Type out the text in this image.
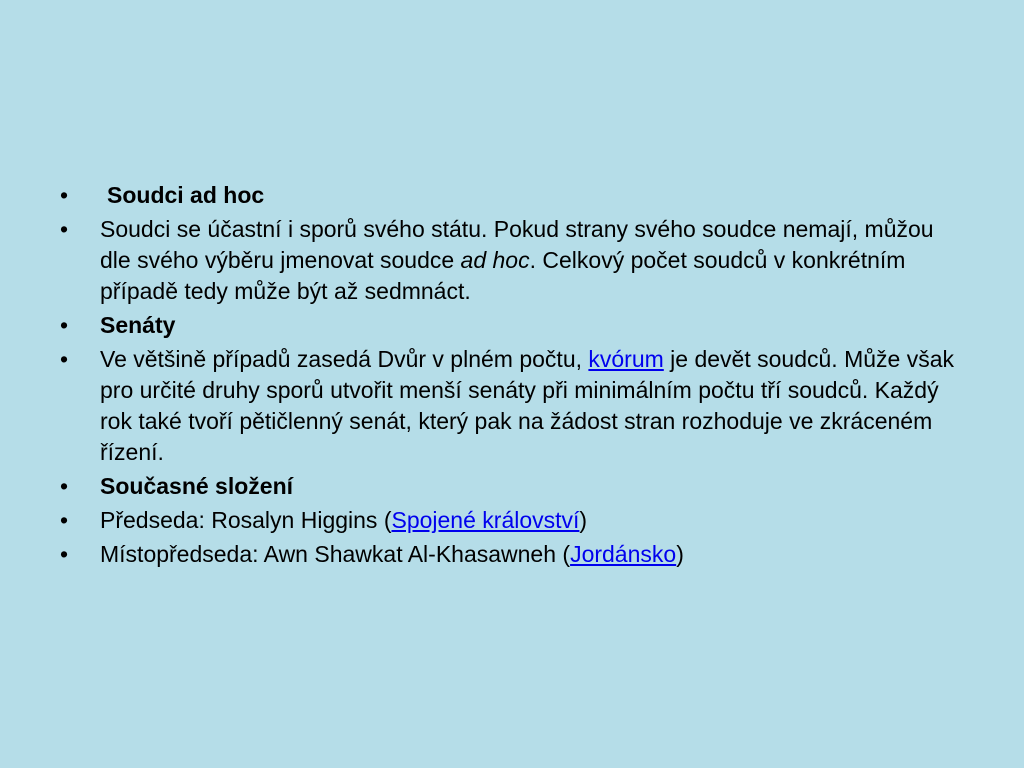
•	Soudci ad hoc
•	Soudci se účastní i sporů svého státu. Pokud strany svého soudce nemají, můžou dle svého výběru jmenovat soudce ad hoc. Celkový počet soudců v konkrétním případě tedy může být až sedmnáct.
•	Senáty
•	Ve většině případů zasedá Dvůr v plném počtu, kvórum je devět soudců. Může však pro určité druhy sporů utvořit menší senáty při minimálním počtu tří soudců. Každý rok také tvoří pětičlenný senát, který pak na žádost stran rozhoduje ve zkráceném řízení.
•	Současné složení
•	Předseda: Rosalyn Higgins (Spojené království)
•	Místopředseda: Awn Shawkat Al-Khasawneh (Jordánsko)
